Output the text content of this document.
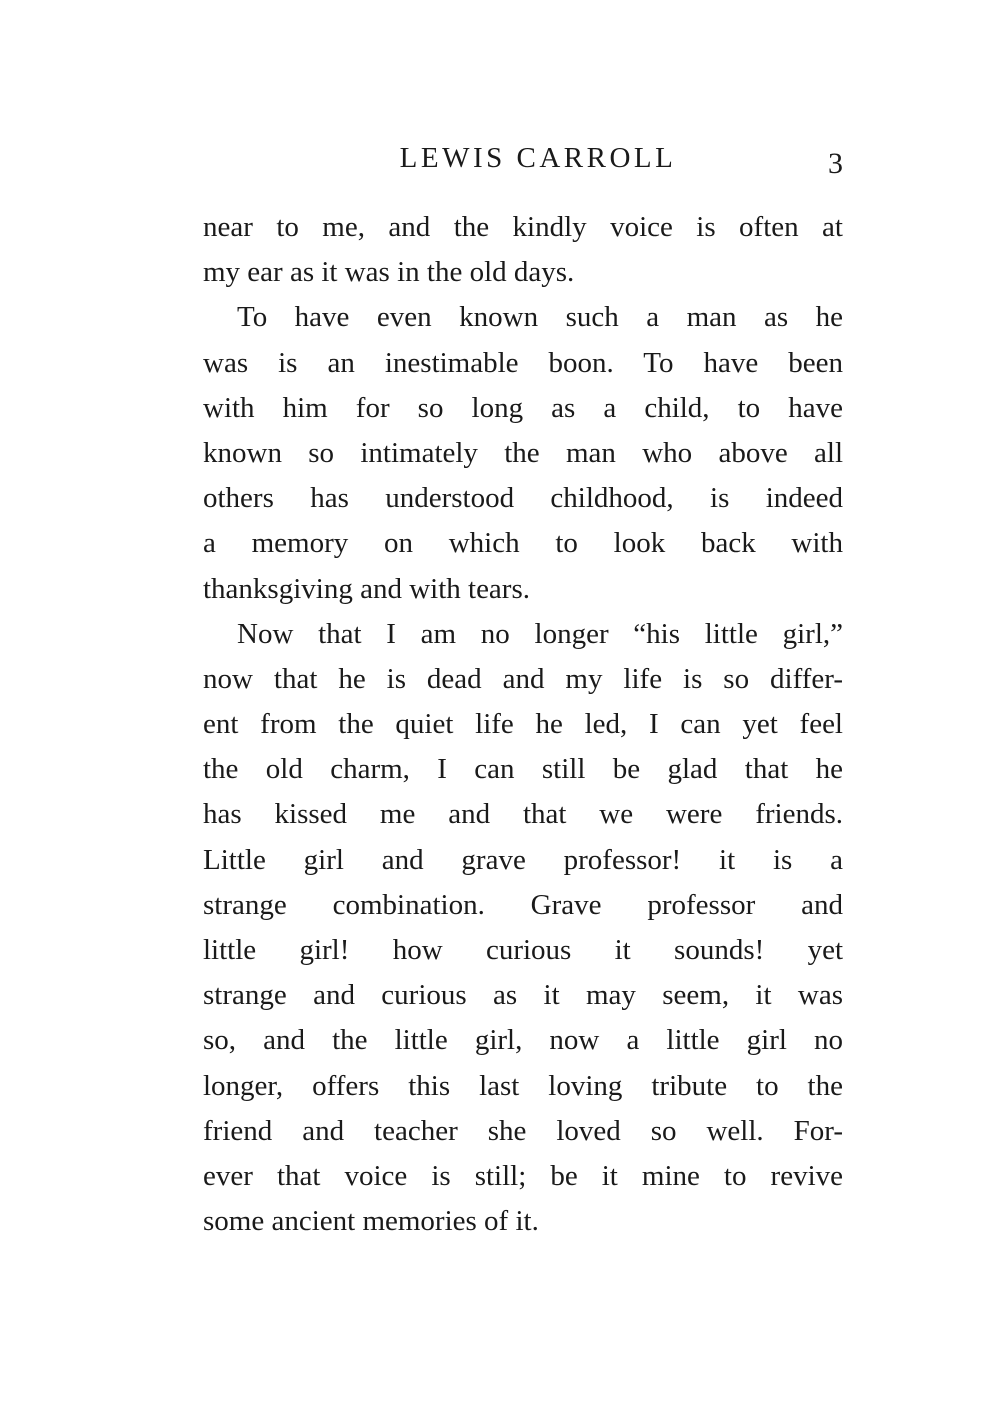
LEWIS CARROLL	3
near to me, and the kindly voice is often at
my ear as it was in the old days.
To have even known such a man as he
was is an inestimable boon. To have been
with him for so long as a child, to have
known so intimately the man who above all
others has understood childhood, is indeed
a memory on which to look back with
thanksgiving and with tears.
Now that I am no longer “his little girl,”
now that he is dead and my life is so differ-
ent from the quiet life he led, I can yet feel
the old charm, I can still be glad that he
has kissed me and that we were friends.
Little girl and grave professor! it is a
strange combination. Grave professor and
little girl! how curious it sounds! yet
strange and curious as it may seem, it was
so, and the little girl, now a little girl no
longer, offers this last loving tribute to the
friend and teacher she loved so well. For-
ever that voice is still; be it mine to revive
some ancient memories of it.
